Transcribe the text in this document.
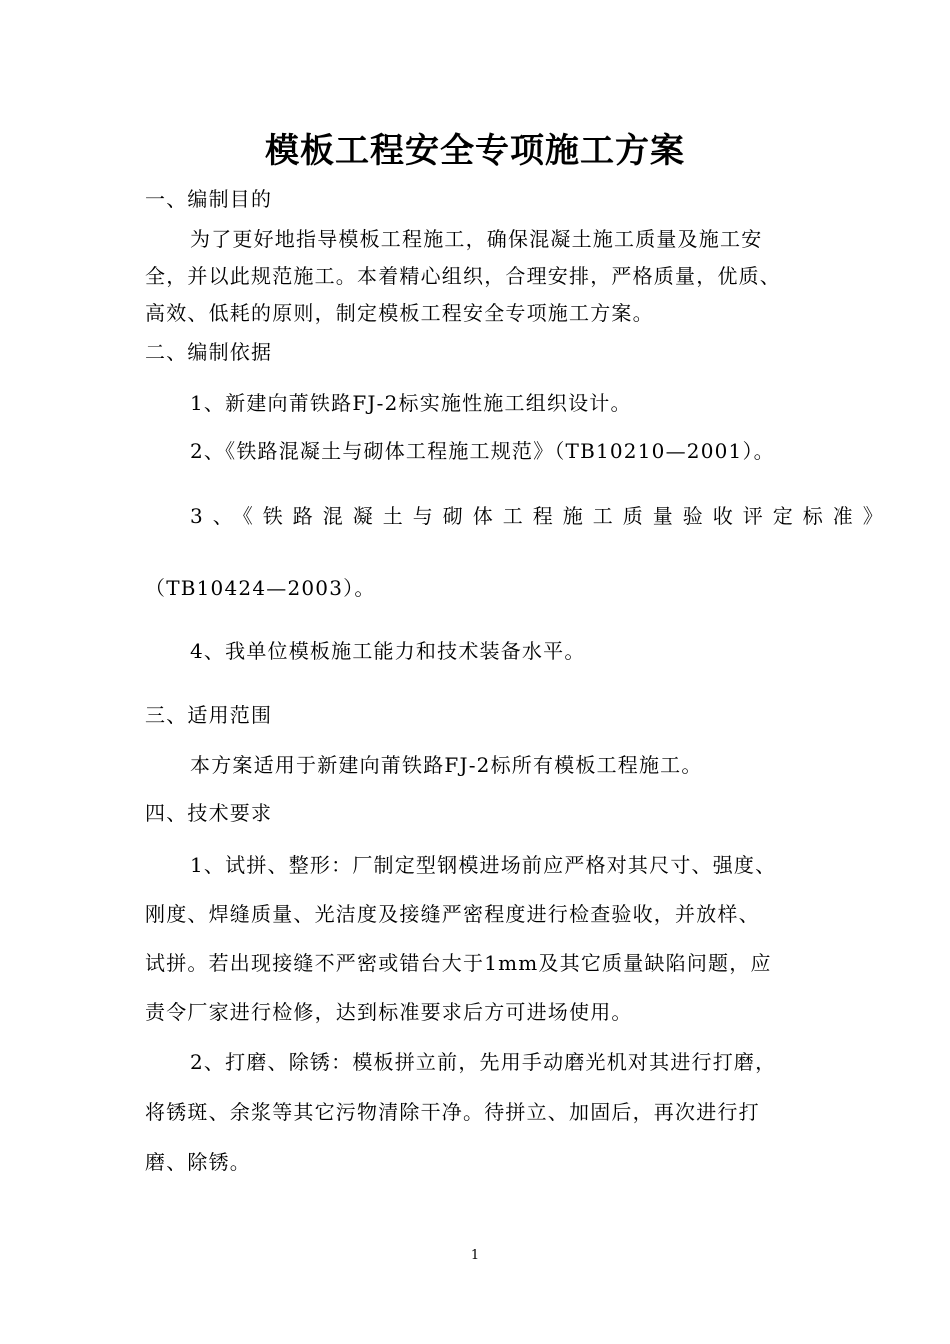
模板工程安全专项施工方案
一、编制目的
为了更好地指导模板工程施工，确保混凝土施工质量及施工安
全，并以此规范施工。本着精心组织，合理安排，严格质量，优质、
高效、低耗的原则，制定模板工程安全专项施工方案。
二、编制依据
1、新建向莆铁路FJ-2标实施性施工组织设计。
2、《铁路混凝土与砌体工程施工规范》（TB10210—2001）。
3、《铁路混凝土与砌体工程施工质量验收评定标准》
（TB10424—2003）。
4、我单位模板施工能力和技术装备水平。
三、适用范围
本方案适用于新建向莆铁路FJ-2标所有模板工程施工。
四、技术要求
1、试拼、整形：厂制定型钢模进场前应严格对其尺寸、强度、
刚度、焊缝质量、光洁度及接缝严密程度进行检查验收，并放样、
试拼。若出现接缝不严密或错台大于1mm及其它质量缺陷问题，应
责令厂家进行检修，达到标准要求后方可进场使用。
2、打磨、除锈：模板拼立前，先用手动磨光机对其进行打磨，
将锈斑、余浆等其它污物清除干净。待拼立、加固后，再次进行打
磨、除锈。
1
